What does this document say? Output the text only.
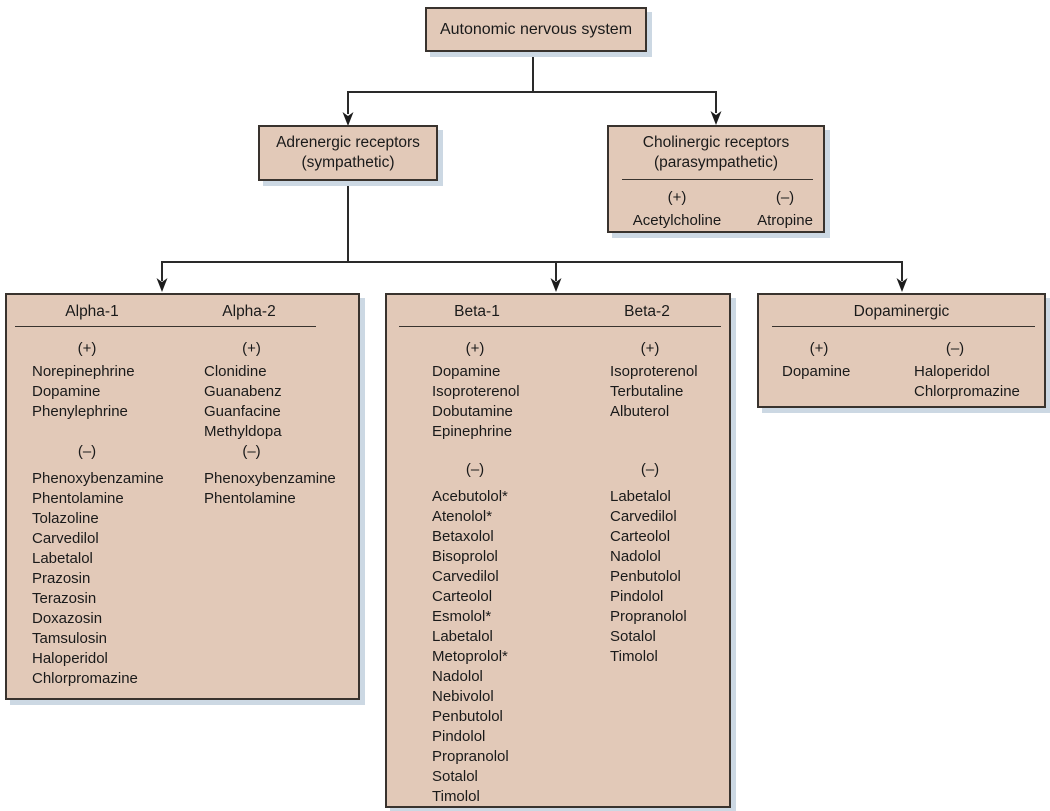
Autonomic nervous system
Adrenergic receptors
(sympathetic)
Cholinergic receptors
(parasympathetic)
(+)
Acetylcholine
(–)
Atropine
Alpha-1	Alpha-2
(+)
Norepinephrine
Dopamine
Phenylephrine
(–)
Phenoxybenzamine
Phentolamine
Tolazoline
Carvedilol
Labetalol
Prazosin
Terazosin
Doxazosin
Tamsulosin
Haloperidol
Chlorpromazine
(+)
Clonidine
Guanabenz
Guanfacine
Methyldopa
(–)
Phenoxybenzamine
Phentolamine
Beta-1	Beta-2
(+)
Dopamine
Isoproterenol
Dobutamine
Epinephrine
(–)
Acebutolol*
Atenolol*
Betaxolol
Bisoprolol
Carvedilol
Carteolol
Esmolol*
Labetalol
Metoprolol*
Nadolol
Nebivolol
Penbutolol
Pindolol
Propranolol
Sotalol
Timolol
(+)
Isoproterenol
Terbutaline
Albuterol
(–)
Labetalol
Carvedilol
Carteolol
Nadolol
Penbutolol
Pindolol
Propranolol
Sotalol
Timolol
Dopaminergic
(+)
Dopamine
(–)
Haloperidol
Chlorpromazine
